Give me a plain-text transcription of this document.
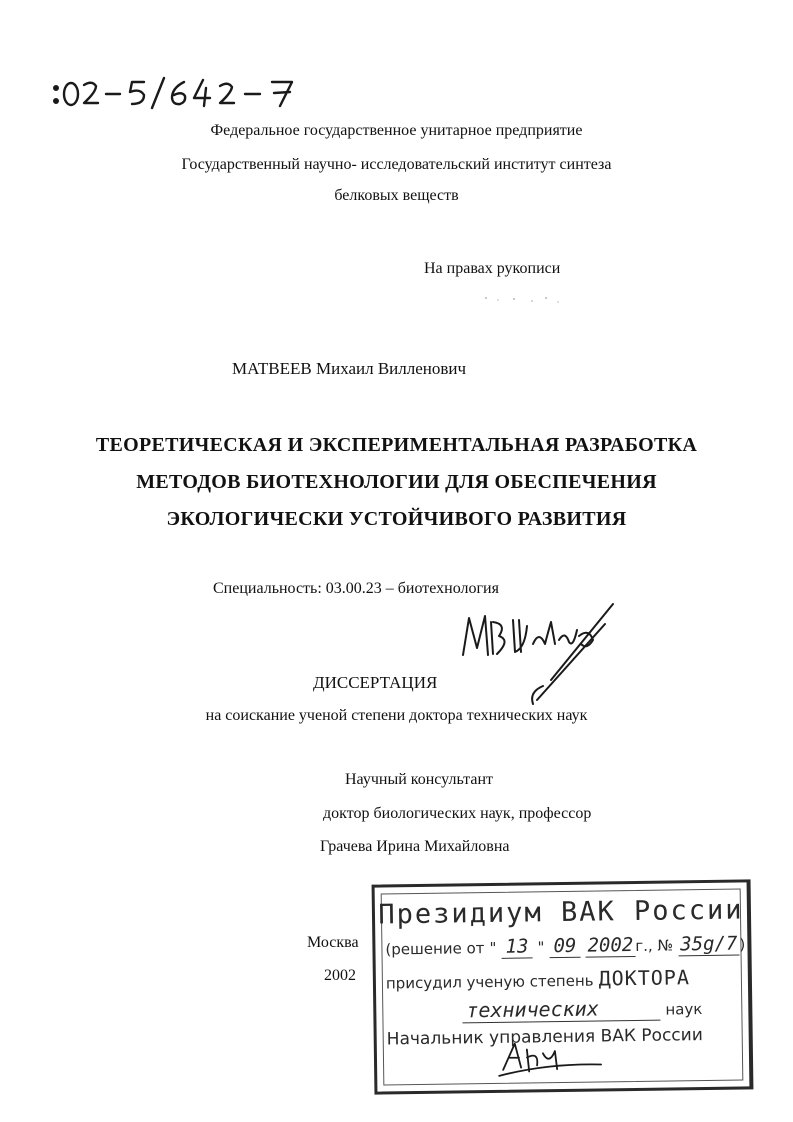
Федеральное государственное унитарное предприятие
Государственный научно- исследовательский институт синтеза
белковых веществ
На правах рукописи
МАТВЕЕВ Михаил Вилленович
ТЕОРЕТИЧЕСКАЯ И ЭКСПЕРИМЕНТАЛЬНАЯ РАЗРАБОТКА
МЕТОДОВ БИОТЕХНОЛОГИИ ДЛЯ ОБЕСПЕЧЕНИЯ
ЭКОЛОГИЧЕСКИ УСТОЙЧИВОГО РАЗВИТИЯ
Специальность: 03.00.23 – биотехнология
ДИССЕРТАЦИЯ
на соискание ученой степени доктора технических наук
Научный консультант
доктор биологических наук, профессор
Грачева Ирина Михайловна
Москва
2002
Президиум ВАК России
(решение от " 13 " 09 2002 г., № 35g/7 )
присудил ученую степень ДОКТОРА
технических	наук
Начальник управления ВАК России
